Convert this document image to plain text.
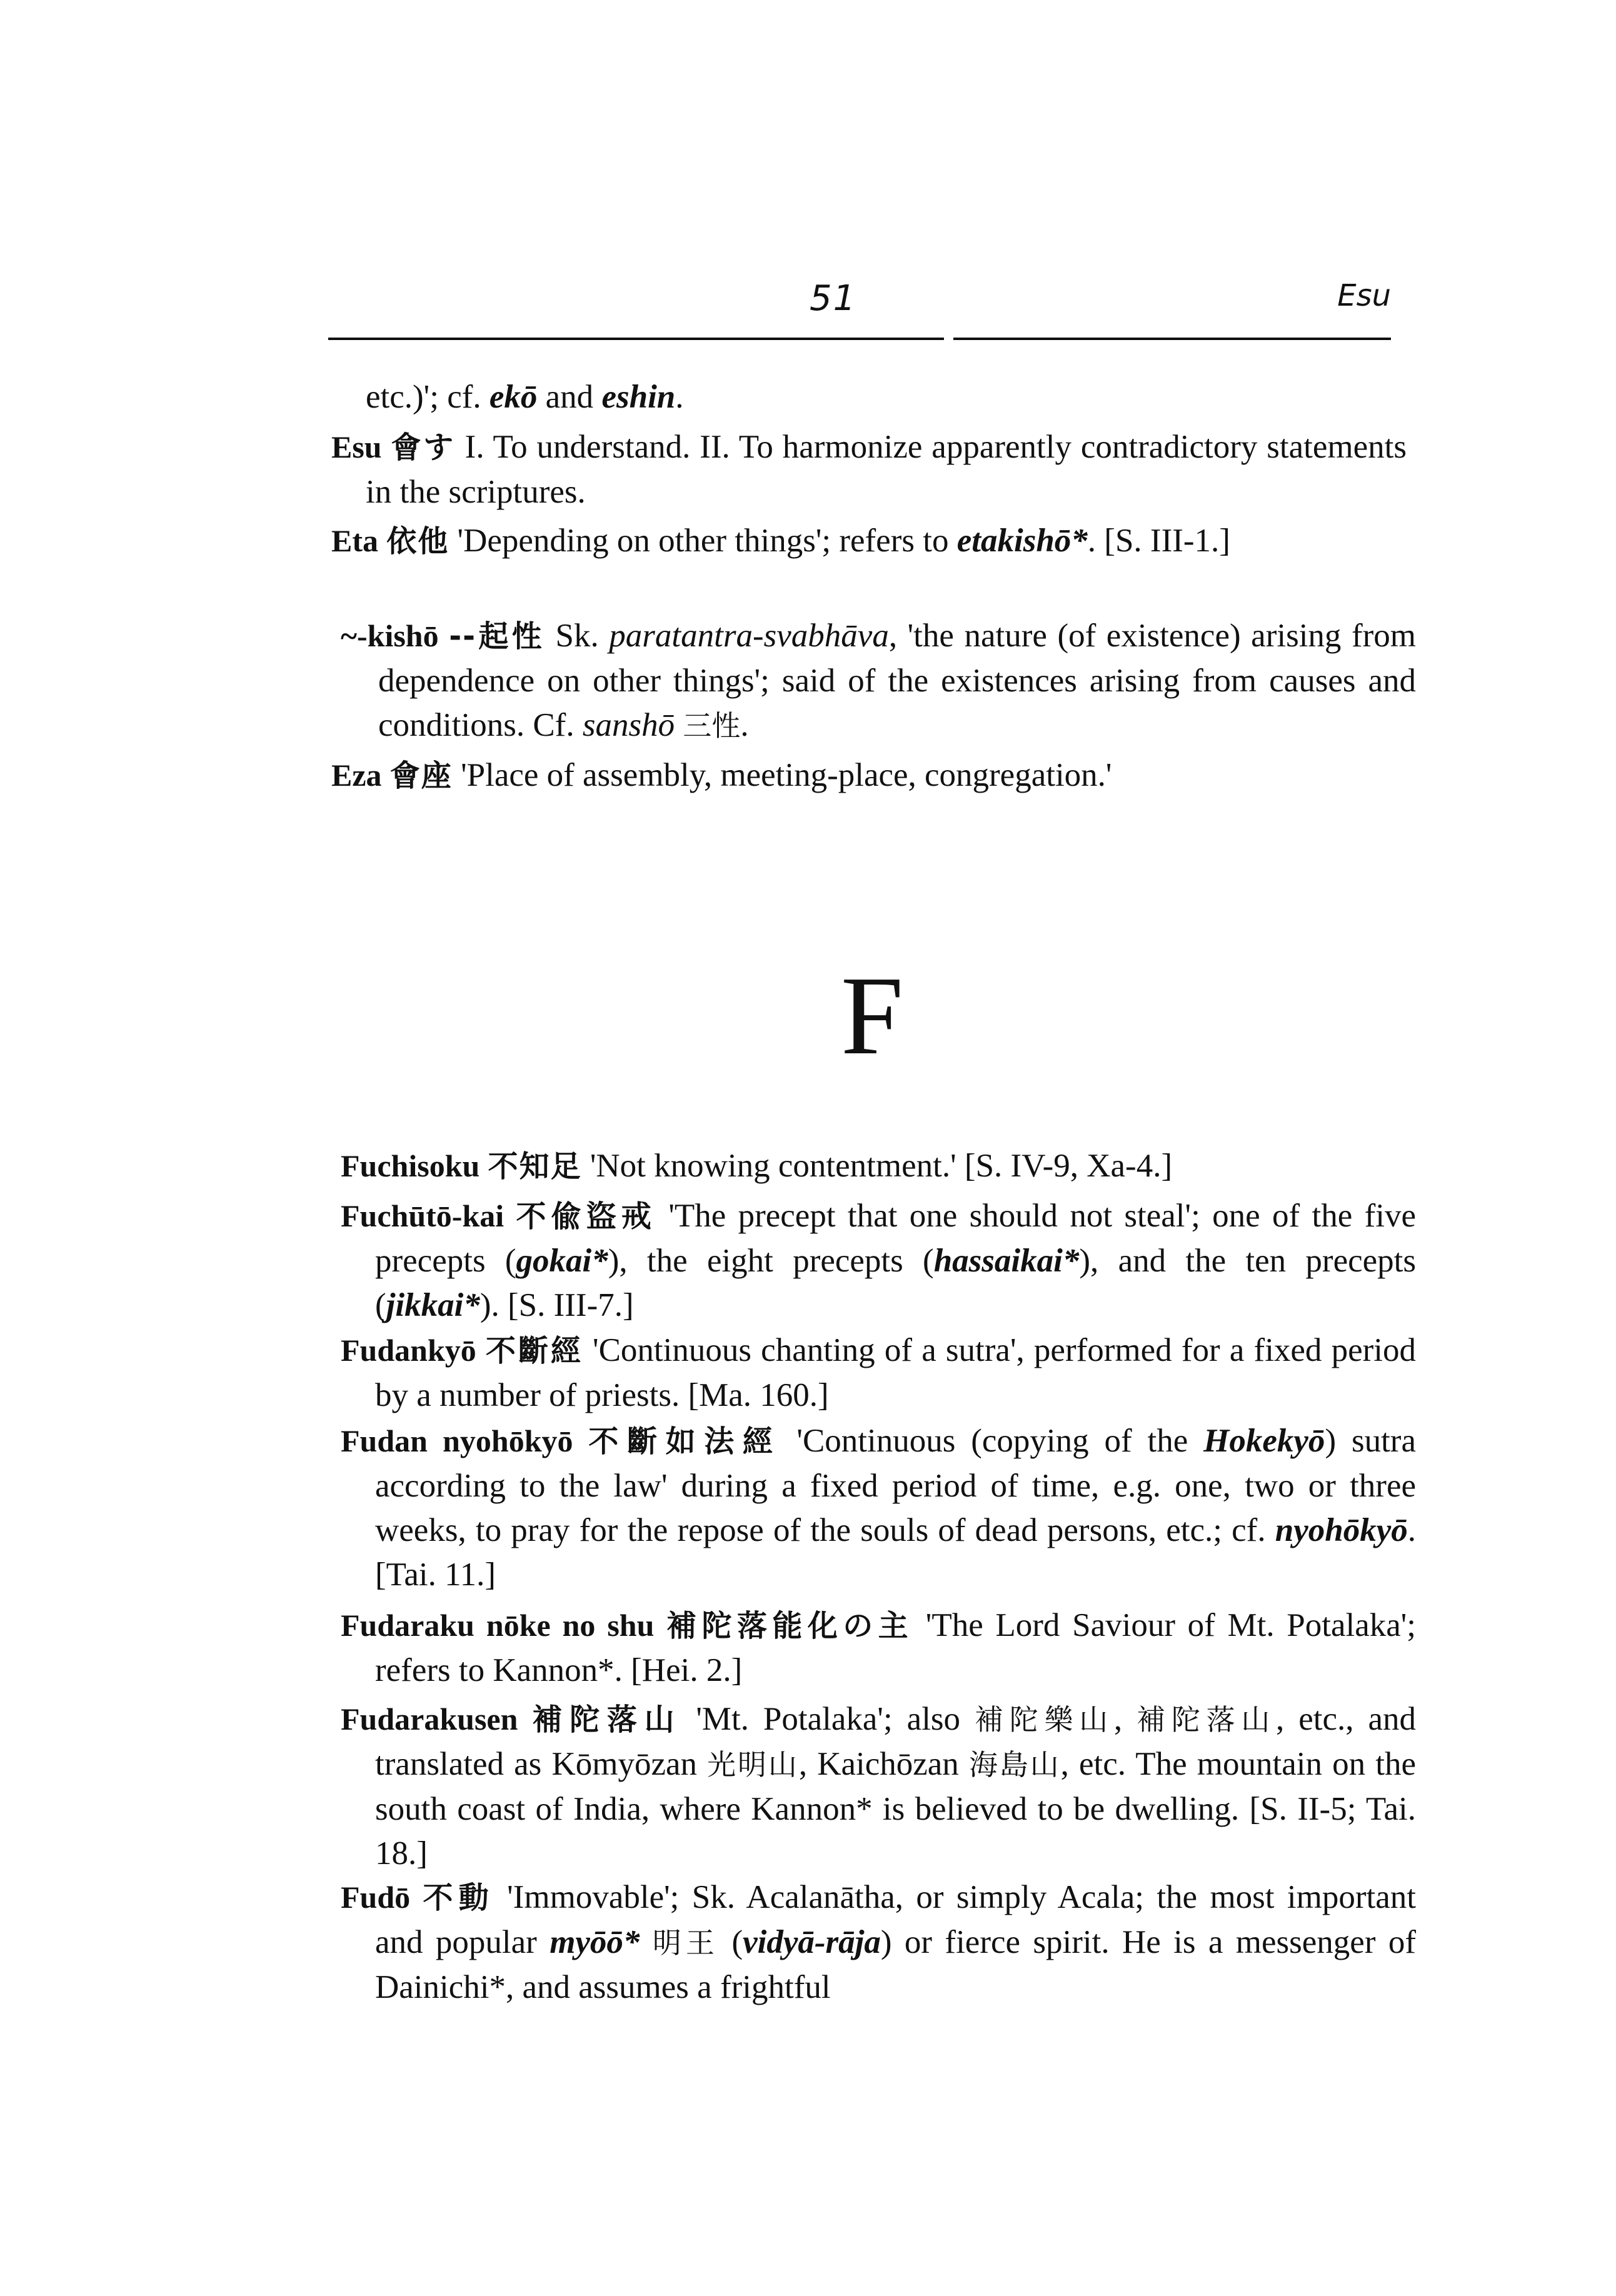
51	Esu
etc.)'; cf. ekō and eshin.
Esu 會す I. To understand. II. To harmonize apparently contradictory statements in the scriptures.
Eta 依他 'Depending on other things'; refers to etakishō*. [S. III-1.]
~-kishō --起性 Sk. paratantra-svabhāva, 'the nature (of existence) arising from dependence on other things'; said of the existences arising from causes and conditions. Cf. sanshō 三性.
Eza 會座 'Place of assembly, meeting-place, congregation.'
F
Fuchisoku 不知足 'Not knowing contentment.' [S. IV-9, Xa-4.]
Fuchūtō-kai 不偸盜戒 'The precept that one should not steal'; one of the five precepts (gokai*), the eight precepts (hassaikai*), and the ten precepts (jikkai*). [S. III-7.]
Fudankyō 不斷經 'Continuous chanting of a sutra', performed for a fixed period by a number of priests. [Ma. 160.]
Fudan nyohōkyō 不斷如法經 'Continuous (copying of the Hokekyō) sutra according to the law' during a fixed period of time, e.g. one, two or three weeks, to pray for the repose of the souls of dead persons, etc.; cf. nyohōkyō. [Tai. 11.]
Fudaraku nōke no shu 補陀落能化の主 'The Lord Saviour of Mt. Potalaka'; refers to Kannon*. [Hei. 2.]
Fudarakusen 補陀落山 'Mt. Potalaka'; also 補陀樂山, 補陀落山, etc., and translated as Kōmyōzan 光明山, Kaichōzan 海島山, etc. The mountain on the south coast of India, where Kannon* is believed to be dwelling. [S. II-5; Tai. 18.]
Fudō 不動 'Immovable'; Sk. Acalanātha, or simply Acala; the most important and popular myōō* 明王 (vidyā-rāja) or fierce spirit. He is a messenger of Dainichi*, and assumes a frightful
